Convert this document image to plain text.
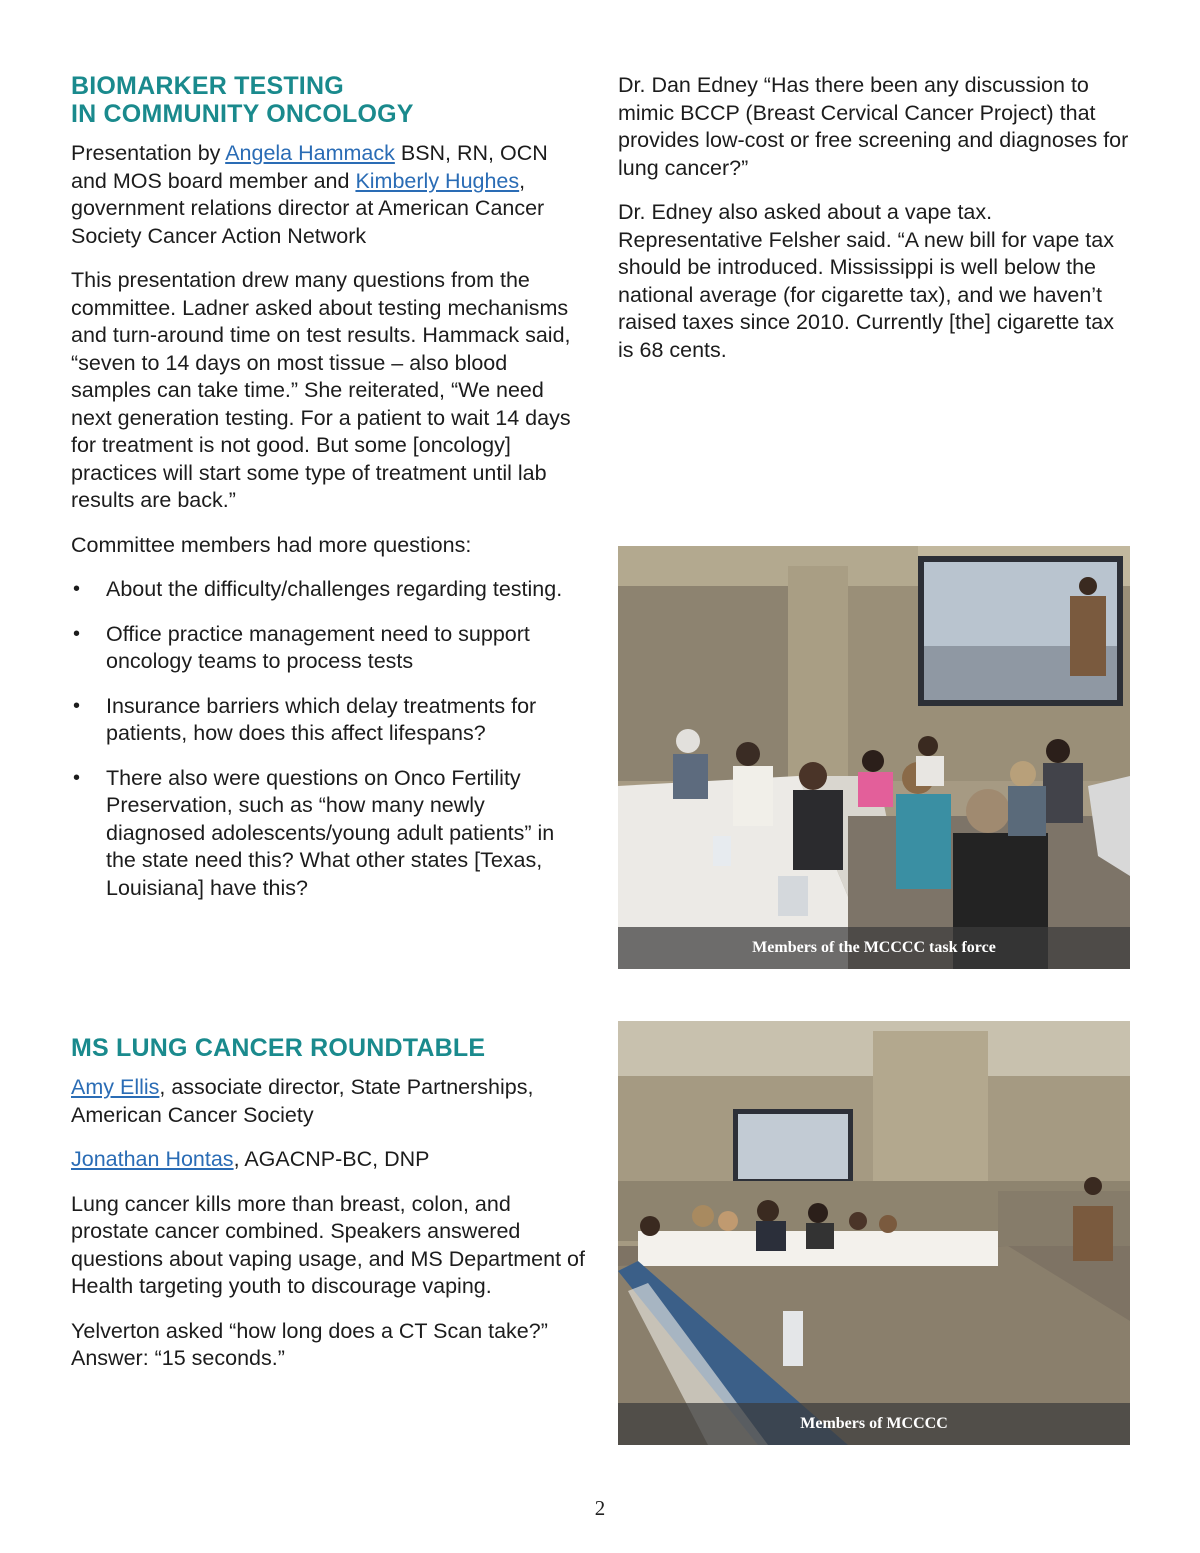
BIOMARKER TESTING
IN COMMUNITY ONCOLOGY

Presentation by Angela Hammack BSN, RN, OCN and MOS board member and Kimberly Hughes, government relations director at American Cancer Society Cancer Action Network

This presentation drew many questions from the committee. Ladner asked about testing mechanisms and turn-around time on test results. Hammack said, “seven to 14 days on most tissue – also blood samples can take time.” She reiterated, “We need next generation testing. For a patient to wait 14 days for treatment is not good. But some [oncology] practices will start some type of treatment until lab results are back.”

Committee members had more questions:

• About the difficulty/challenges regarding testing.
• Office practice management need to support oncology teams to process tests
• Insurance barriers which delay treatments for patients, how does this affect lifespans?
• There also were questions on Onco Fertility Preservation, such as “how many newly diagnosed adolescents/young adult patients” in the state need this? What other states [Texas, Louisiana] have this?

Dr. Dan Edney “Has there been any discussion to mimic BCCP (Breast Cervical Cancer Project) that provides low-cost or free screening and diagnoses for lung cancer?”

Dr. Edney also asked about a vape tax. Representative Felsher said. “A new bill for vape tax should be introduced. Mississippi is well below the national average (for cigarette tax), and we haven’t raised taxes since 2010. Currently [the] cigarette tax is 68 cents.

Members of the MCCCC task force
MS LUNG CANCER ROUNDTABLE

Amy Ellis, associate director, State Partnerships, American Cancer Society

Jonathan Hontas, AGACNP-BC, DNP

Lung cancer kills more than breast, colon, and prostate cancer combined. Speakers answered questions about vaping usage, and MS Department of Health targeting youth to discourage vaping.

Yelverton asked “how long does a CT Scan take?” Answer: “15 seconds.”

Members of MCCCC
2
